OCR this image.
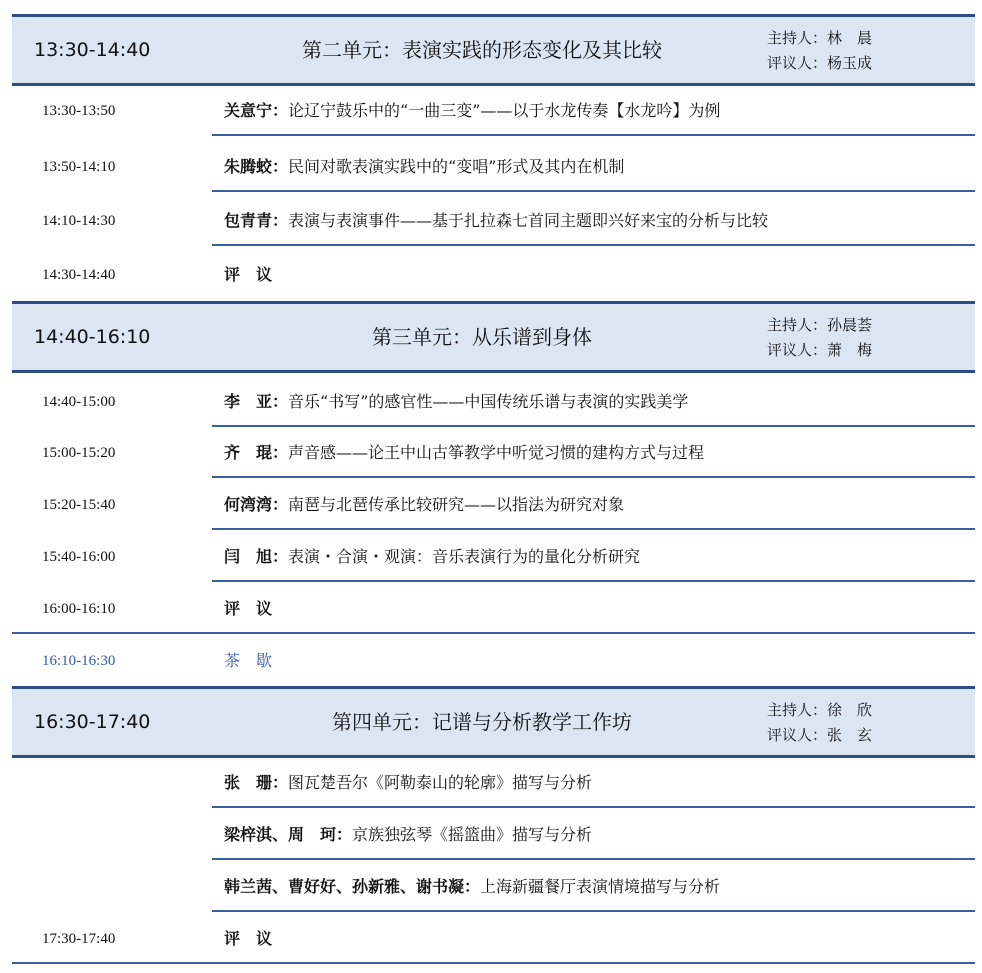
13:30-14:40	第二单元：表演实践的形态变化及其比较	主持人：林　晨
评议人：杨玉成
13:30-13:50	关意宁：论辽宁鼓乐中的“一曲三变”——以于水龙传奏【水龙吟】为例
13:50-14:10	朱腾蛟：民间对歌表演实践中的“变唱”形式及其内在机制
14:10-14:30	包青青：表演与表演事件——基于扎拉森七首同主题即兴好来宝的分析与比较
14:30-14:40	评　议
14:40-16:10	第三单元：从乐谱到身体	主持人：孙晨荟
评议人：萧　梅
14:40-15:00	李　亚：音乐“书写”的感官性——中国传统乐谱与表演的实践美学
15:00-15:20	齐　琨：声音感——论王中山古筝教学中听觉习惯的建构方式与过程
15:20-15:40	何湾湾：南琶与北琶传承比较研究——以指法为研究对象
15:40-16:00	闫　旭：表演・合演・观演：音乐表演行为的量化分析研究
16:00-16:10	评　议
16:10-16:30	茶　歇
16:30-17:40	第四单元：记谱与分析教学工作坊	主持人：徐　欣
评议人：张　玄
张　珊：图瓦楚吾尔《阿勒泰山的轮廓》描写与分析
梁梓淇、周　珂：京族独弦琴《摇篮曲》描写与分析
韩兰茜、曹好好、孙新雅、谢书凝：上海新疆餐厅表演情境描写与分析
17:30-17:40	评　议
